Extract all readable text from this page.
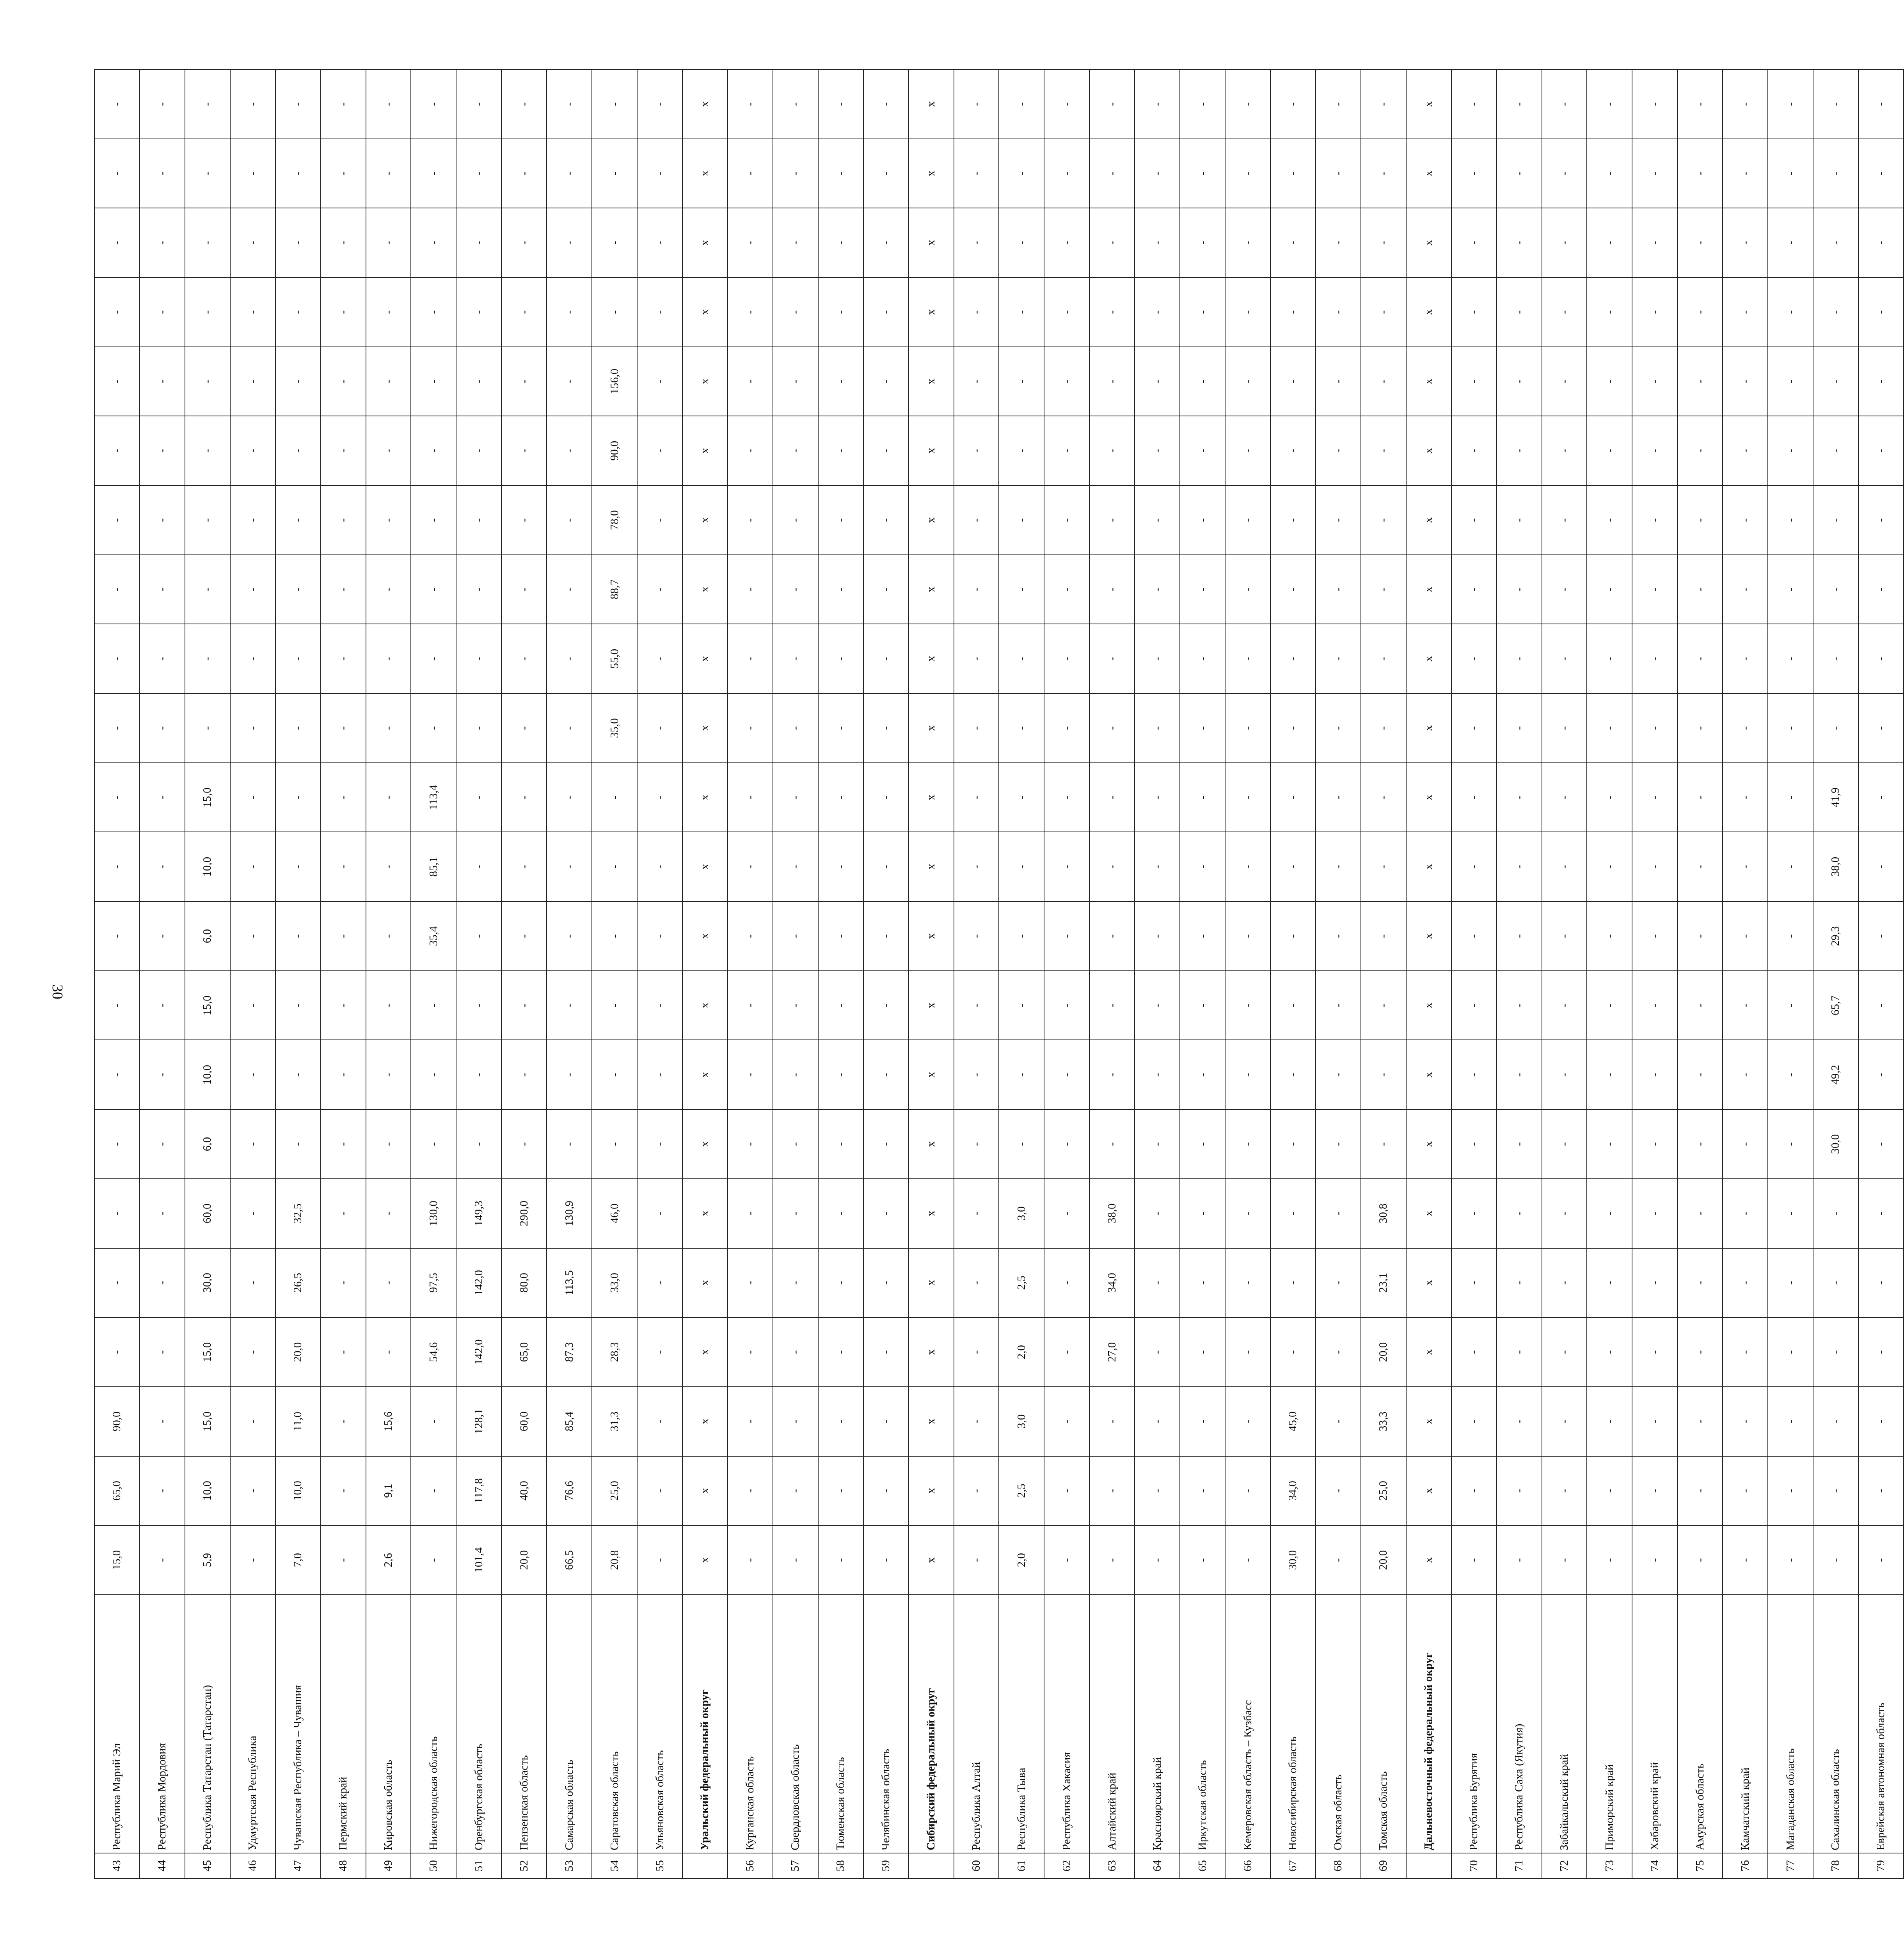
30
43	Республика Марий Эл	15,0	65,0	90,0	-	-	-	-	-	-	-	-	-	-	-	-	-	-	-	-	-	-	-
44	Республика Мордовия	-	-	-	-	-	-	-	-	-	-	-	-	-	-	-	-	-	-	-	-	-	-
45	Республика Татарстан (Татарстан)	5,9	10,0	15,0	15,0	30,0	60,0	6,0	10,0	15,0	6,0	10,0	15,0	-	-	-	-	-	-	-	-	-	-
46	Удмуртская Республика	-	-	-	-	-	-	-	-	-	-	-	-	-	-	-	-	-	-	-	-	-	-
47	Чувашская Республика – Чувашия	7,0	10,0	11,0	20,0	26,5	32,5	-	-	-	-	-	-	-	-	-	-	-	-	-	-	-	-
48	Пермский край	-	-	-	-	-	-	-	-	-	-	-	-	-	-	-	-	-	-	-	-	-	-
49	Кировская область	2,6	9,1	15,6	-	-	-	-	-	-	-	-	-	-	-	-	-	-	-	-	-	-	-
50	Нижегородская область	-	-	-	54,6	97,5	130,0	-	-	-	35,4	85,1	113,4	-	-	-	-	-	-	-	-	-	-
51	Оренбургская область	101,4	117,8	128,1	142,0	142,0	149,3	-	-	-	-	-	-	-	-	-	-	-	-	-	-	-	-
52	Пензенская область	20,0	40,0	60,0	65,0	80,0	290,0	-	-	-	-	-	-	-	-	-	-	-	-	-	-	-	-
53	Самарская область	66,5	76,6	85,4	87,3	113,5	130,9	-	-	-	-	-	-	-	-	-	-	-	-	-	-	-	-
54	Саратовская область	20,8	25,0	31,3	28,3	33,0	46,0	-	-	-	-	-	-	35,0	55,0	88,7	78,0	90,0	156,0	-	-	-	-
55	Ульяновская область	-	-	-	-	-	-	-	-	-	-	-	-	-	-	-	-	-	-	-	-	-	-
	Уральский федеральный округ	x	x	x	x	x	x	x	x	x	x	x	x	x	x	x	x	x	x	x	x	x	x
56	Курганская область	-	-	-	-	-	-	-	-	-	-	-	-	-	-	-	-	-	-	-	-	-	-
57	Свердловская область	-	-	-	-	-	-	-	-	-	-	-	-	-	-	-	-	-	-	-	-	-	-
58	Тюменская область	-	-	-	-	-	-	-	-	-	-	-	-	-	-	-	-	-	-	-	-	-	-
59	Челябинская область	-	-	-	-	-	-	-	-	-	-	-	-	-	-	-	-	-	-	-	-	-	-
	Сибирский федеральный округ	x	x	x	x	x	x	x	x	x	x	x	x	x	x	x	x	x	x	x	x	x	x
60	Республика Алтай	-	-	-	-	-	-	-	-	-	-	-	-	-	-	-	-	-	-	-	-	-	-
61	Республика Тыва	2,0	2,5	3,0	2,0	2,5	3,0	-	-	-	-	-	-	-	-	-	-	-	-	-	-	-	-
62	Республика Хакасия	-	-	-	-	-	-	-	-	-	-	-	-	-	-	-	-	-	-	-	-	-	-
63	Алтайский край	-	-	-	27,0	34,0	38,0	-	-	-	-	-	-	-	-	-	-	-	-	-	-	-	-
64	Красноярский край	-	-	-	-	-	-	-	-	-	-	-	-	-	-	-	-	-	-	-	-	-	-
65	Иркутская область	-	-	-	-	-	-	-	-	-	-	-	-	-	-	-	-	-	-	-	-	-	-
66	Кемеровская область – Кузбасс	-	-	-	-	-	-	-	-	-	-	-	-	-	-	-	-	-	-	-	-	-	-
67	Новосибирская область	30,0	34,0	45,0	-	-	-	-	-	-	-	-	-	-	-	-	-	-	-	-	-	-	-
68	Омская область	-	-	-	-	-	-	-	-	-	-	-	-	-	-	-	-	-	-	-	-	-	-
69	Томская область	20,0	25,0	33,3	20,0	23,1	30,8	-	-	-	-	-	-	-	-	-	-	-	-	-	-	-	-
	Дальневосточный федеральный округ	x	x	x	x	x	x	x	x	x	x	x	x	x	x	x	x	x	x	x	x	x	x
70	Республика Бурятия	-	-	-	-	-	-	-	-	-	-	-	-	-	-	-	-	-	-	-	-	-	-
71	Республика Саха (Якутия)	-	-	-	-	-	-	-	-	-	-	-	-	-	-	-	-	-	-	-	-	-	-
72	Забайкальский край	-	-	-	-	-	-	-	-	-	-	-	-	-	-	-	-	-	-	-	-	-	-
73	Приморский край	-	-	-	-	-	-	-	-	-	-	-	-	-	-	-	-	-	-	-	-	-	-
74	Хабаровский край	-	-	-	-	-	-	-	-	-	-	-	-	-	-	-	-	-	-	-	-	-	-
75	Амурская область	-	-	-	-	-	-	-	-	-	-	-	-	-	-	-	-	-	-	-	-	-	-
76	Камчатский край	-	-	-	-	-	-	-	-	-	-	-	-	-	-	-	-	-	-	-	-	-	-
77	Магаданская область	-	-	-	-	-	-	-	-	-	-	-	-	-	-	-	-	-	-	-	-	-	-
78	Сахалинская область	-	-	-	-	-	-	30,0	49,2	65,7	29,3	38,0	41,9	-	-	-	-	-	-	-	-	-	-
79	Еврейская автономная область	-	-	-	-	-	-	-	-	-	-	-	-	-	-	-	-	-	-	-	-	-	-
